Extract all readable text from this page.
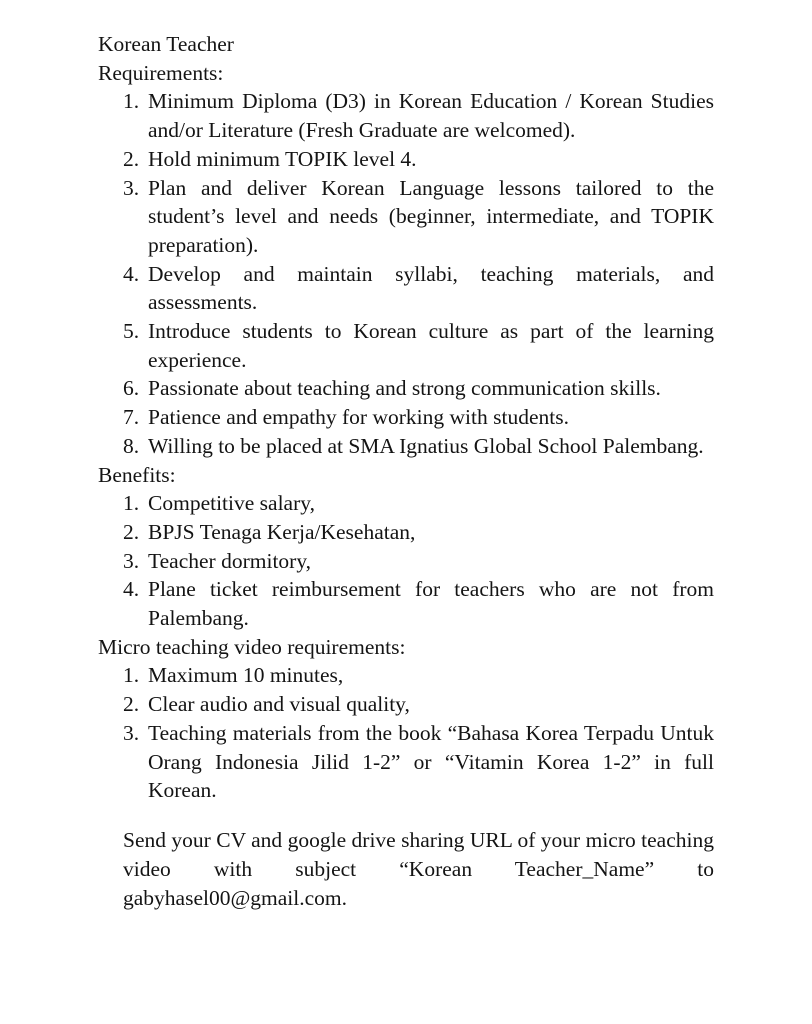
Korean Teacher

Requirements:

1. Minimum Diploma (D3) in Korean Education / Korean Studies and/or Literature (Fresh Graduate are welcomed).
2. Hold minimum TOPIK level 4.
3. Plan and deliver Korean Language lessons tailored to the student’s level and needs (beginner, intermediate, and TOPIK preparation).
4. Develop and maintain syllabi, teaching materials, and assessments.
5. Introduce students to Korean culture as part of the learning experience.
6. Passionate about teaching and strong communication skills.
7. Patience and empathy for working with students.
8. Willing to be placed at SMA Ignatius Global School Palembang.

Benefits:

1. Competitive salary,
2. BPJS Tenaga Kerja/Kesehatan,
3. Teacher dormitory,
4. Plane ticket reimbursement for teachers who are not from Palembang.

Micro teaching video requirements:

1. Maximum 10 minutes,
2. Clear audio and visual quality,
3. Teaching materials from the book “Bahasa Korea Terpadu Untuk Orang Indonesia Jilid 1-2” or “Vitamin Korea 1-2” in full Korean.

Send your CV and google drive sharing URL of your micro teaching video with subject “Korean Teacher_Name” to gabyhasel00@gmail.com.
